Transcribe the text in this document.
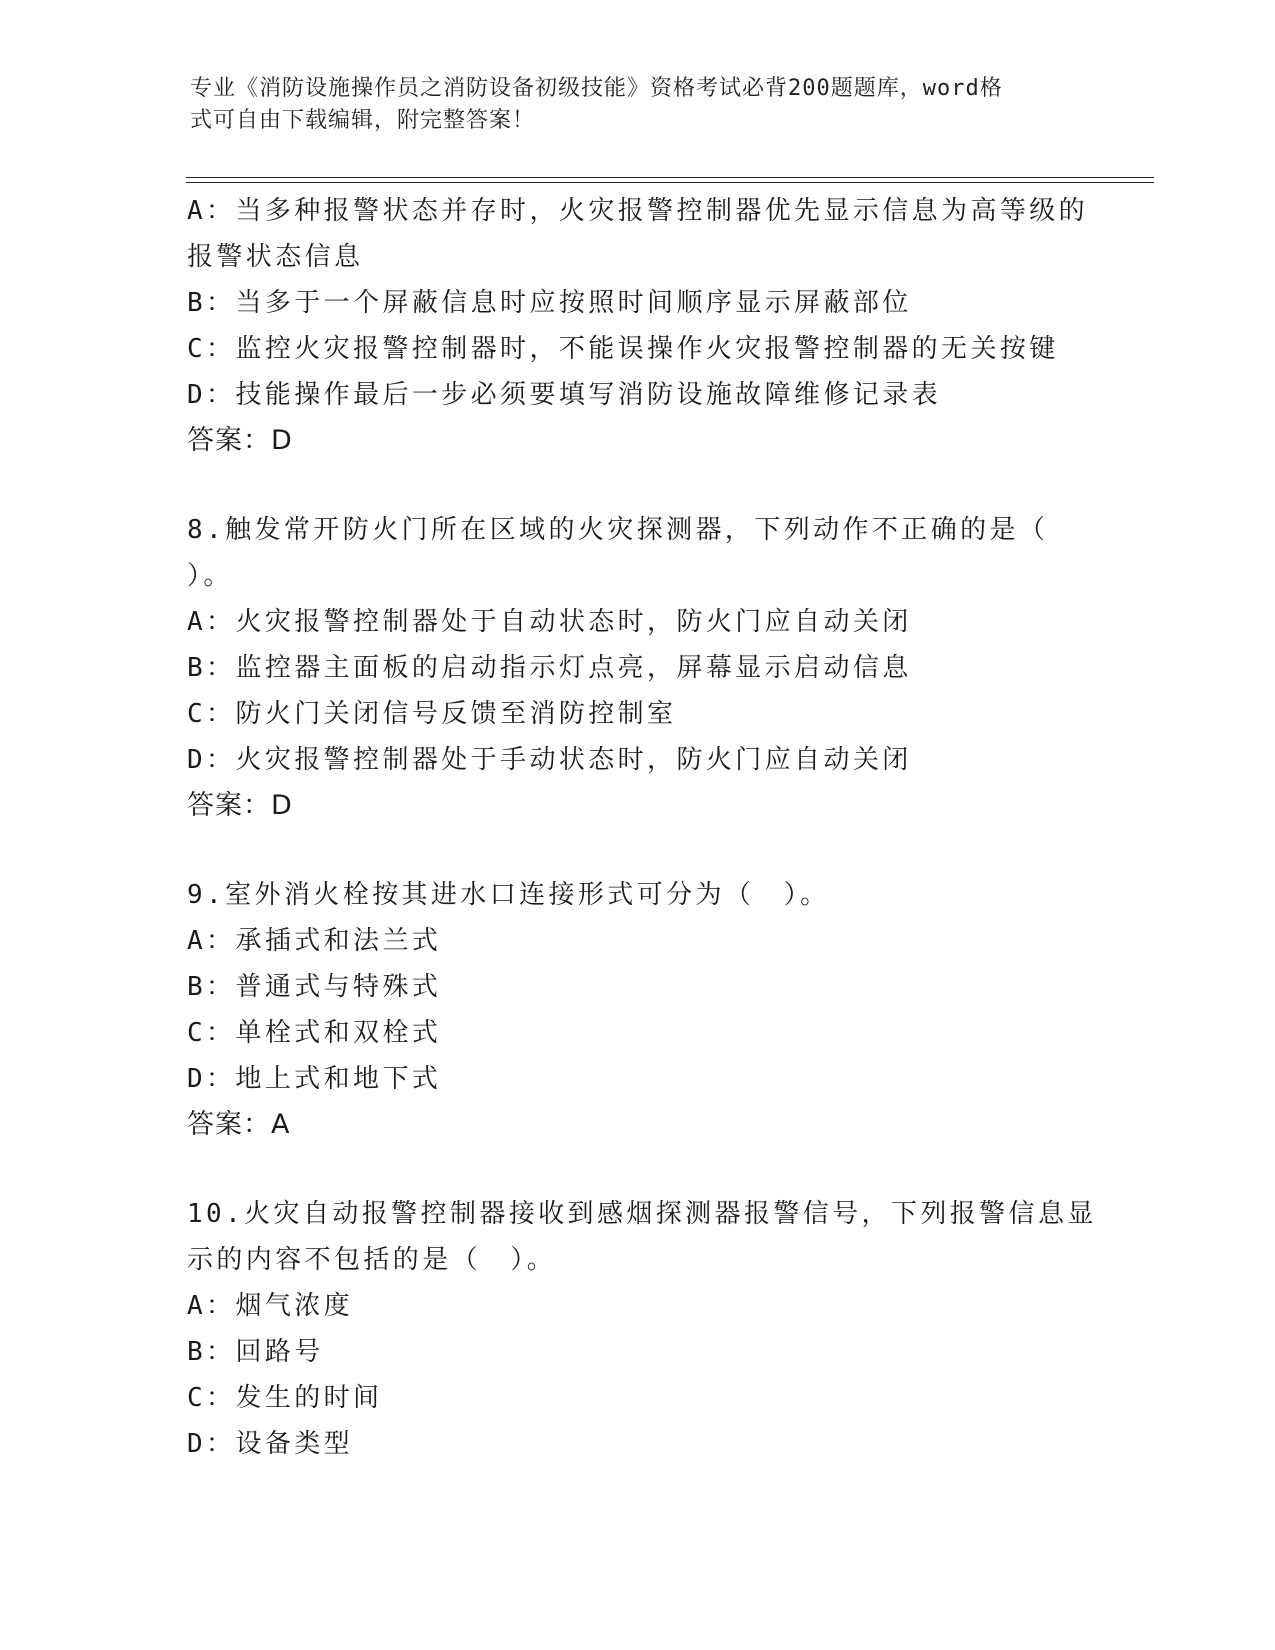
专业《消防设施操作员之消防设备初级技能》资格考试必背200题题库，word格
式可自由下载编辑，附完整答案！
A：当多种报警状态并存时，火灾报警控制器优先显示信息为高等级的
报警状态信息
B：当多于一个屏蔽信息时应按照时间顺序显示屏蔽部位
C：监控火灾报警控制器时，不能误操作火灾报警控制器的无关按键
D：技能操作最后一步必须要填写消防设施故障维修记录表
答案：D
8.触发常开防火门所在区域的火灾探测器，下列动作不正确的是（
）。
A：火灾报警控制器处于自动状态时，防火门应自动关闭
B：监控器主面板的启动指示灯点亮，屏幕显示启动信息
C：防火门关闭信号反馈至消防控制室
D：火灾报警控制器处于手动状态时，防火门应自动关闭
答案：D
9.室外消火栓按其进水口连接形式可分为（　）。
A：承插式和法兰式
B：普通式与特殊式
C：单栓式和双栓式
D：地上式和地下式
答案：A
10.火灾自动报警控制器接收到感烟探测器报警信号，下列报警信息显
示的内容不包括的是（　）。
A：烟气浓度
B：回路号
C：发生的时间
D：设备类型
